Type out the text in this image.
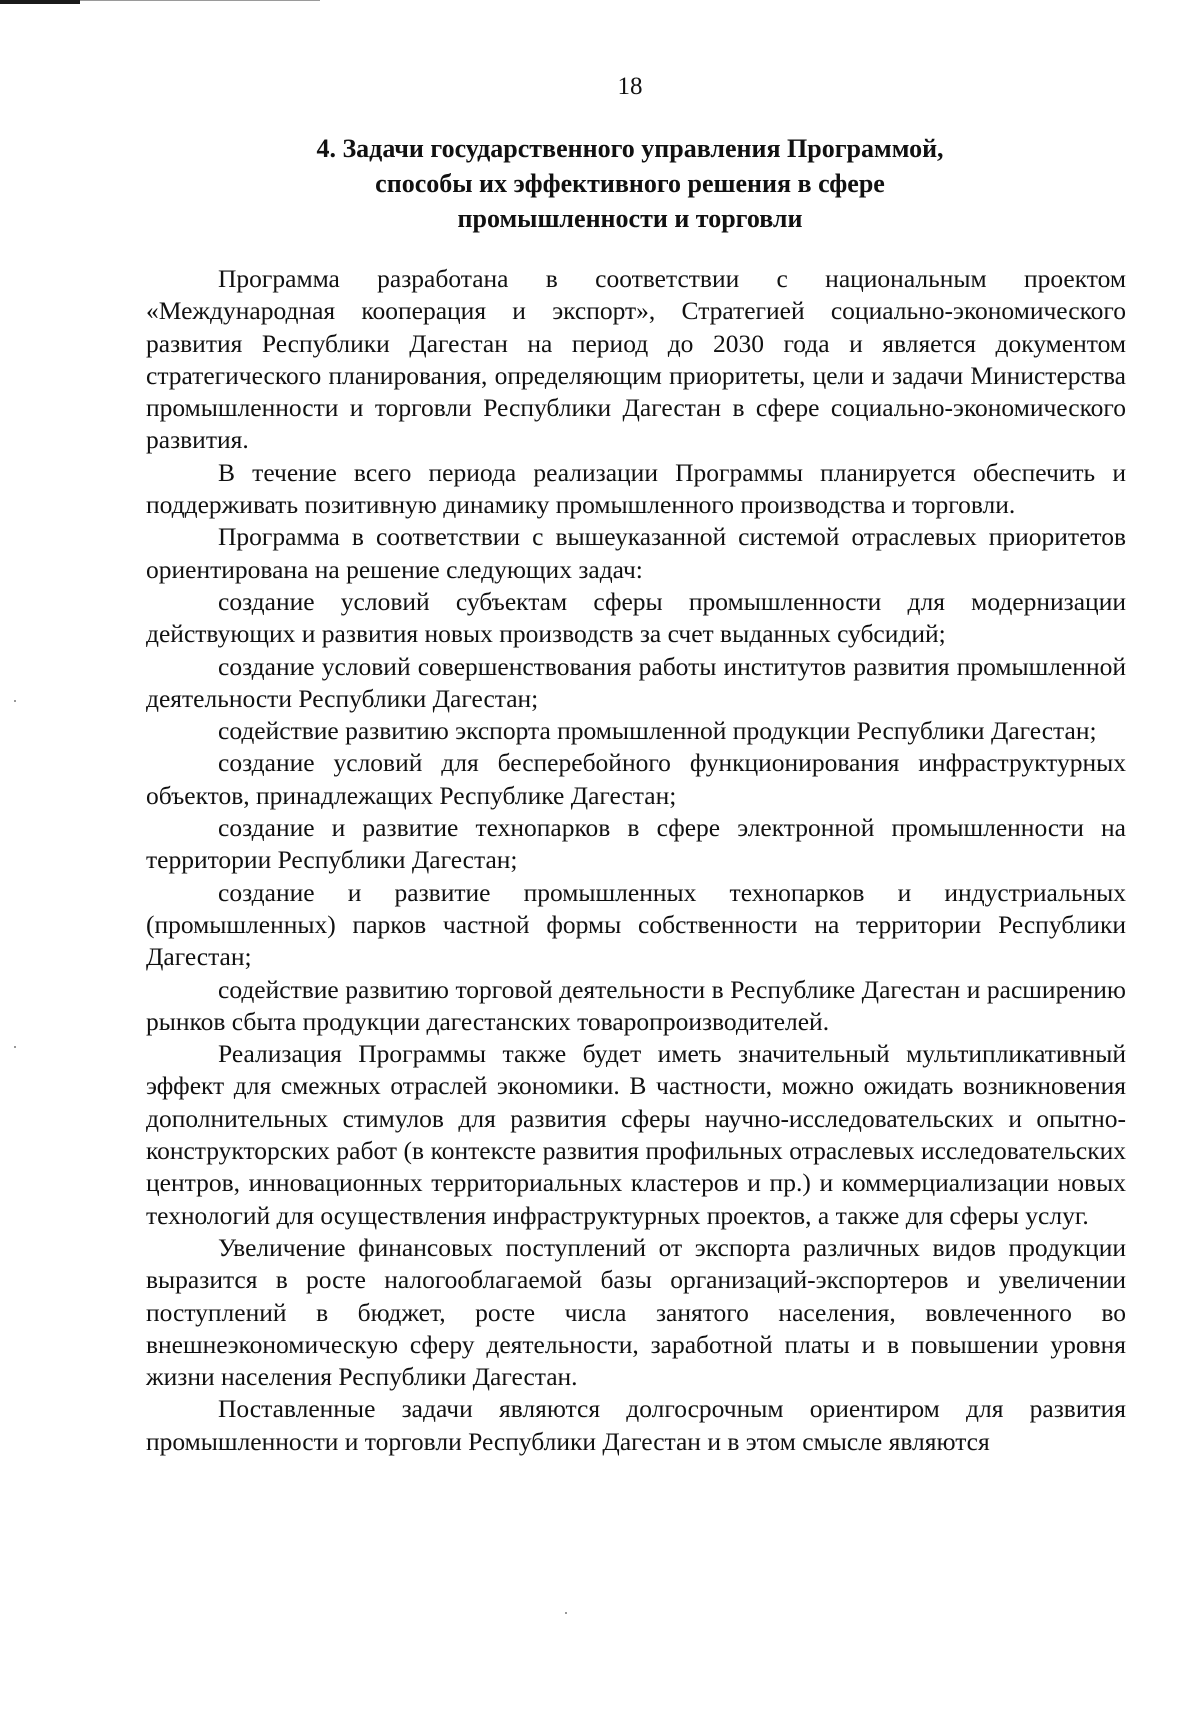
18
4. Задачи государственного управления Программой,
способы их эффективного решения в сфере
промышленности и торговли

Программа разработана в соответствии с национальным проектом «Международная кооперация и экспорт», Стратегией социально-экономического развития Республики Дагестан на период до 2030 года и является документом стратегического планирования, определяющим приоритеты, цели и задачи Министерства промышленности и торговли Республики Дагестан в сфере социально-экономического развития.

В течение всего периода реализации Программы планируется обеспечить и поддерживать позитивную динамику промышленного производства и торговли.

Программа в соответствии с вышеуказанной системой отраслевых приоритетов ориентирована на решение следующих задач:

создание условий субъектам сферы промышленности для модернизации действующих и развития новых производств за счет выданных субсидий;

создание условий совершенствования работы институтов развития промышленной деятельности Республики Дагестан;

содействие развитию экспорта промышленной продукции Республики Дагестан;

создание условий для бесперебойного функционирования инфраструктурных объектов, принадлежащих Республике Дагестан;

создание и развитие технопарков в сфере электронной промышленности на территории Республики Дагестан;

создание и развитие промышленных технопарков и индустриальных (промышленных) парков частной формы собственности на территории Республики Дагестан;

содействие развитию торговой деятельности в Республике Дагестан и расширению рынков сбыта продукции дагестанских товаропроизводителей.

Реализация Программы также будет иметь значительный мультипликативный эффект для смежных отраслей экономики. В частности, можно ожидать возникновения дополнительных стимулов для развития сферы научно-исследовательских и опытно-конструкторских работ (в контексте развития профильных отраслевых исследовательских центров, инновационных территориальных кластеров и пр.) и коммерциализации новых технологий для осуществления инфраструктурных проектов, а также для сферы услуг.

Увеличение финансовых поступлений от экспорта различных видов продукции выразится в росте налогооблагаемой базы организаций-экспортеров и увеличении поступлений в бюджет, росте числа занятого населения, вовлеченного во внешнеэкономическую сферу деятельности, заработной платы и в повышении уровня жизни населения Республики Дагестан.

Поставленные задачи являются долгосрочным ориентиром для развития промышленности и торговли Республики Дагестан и в этом смысле являются
